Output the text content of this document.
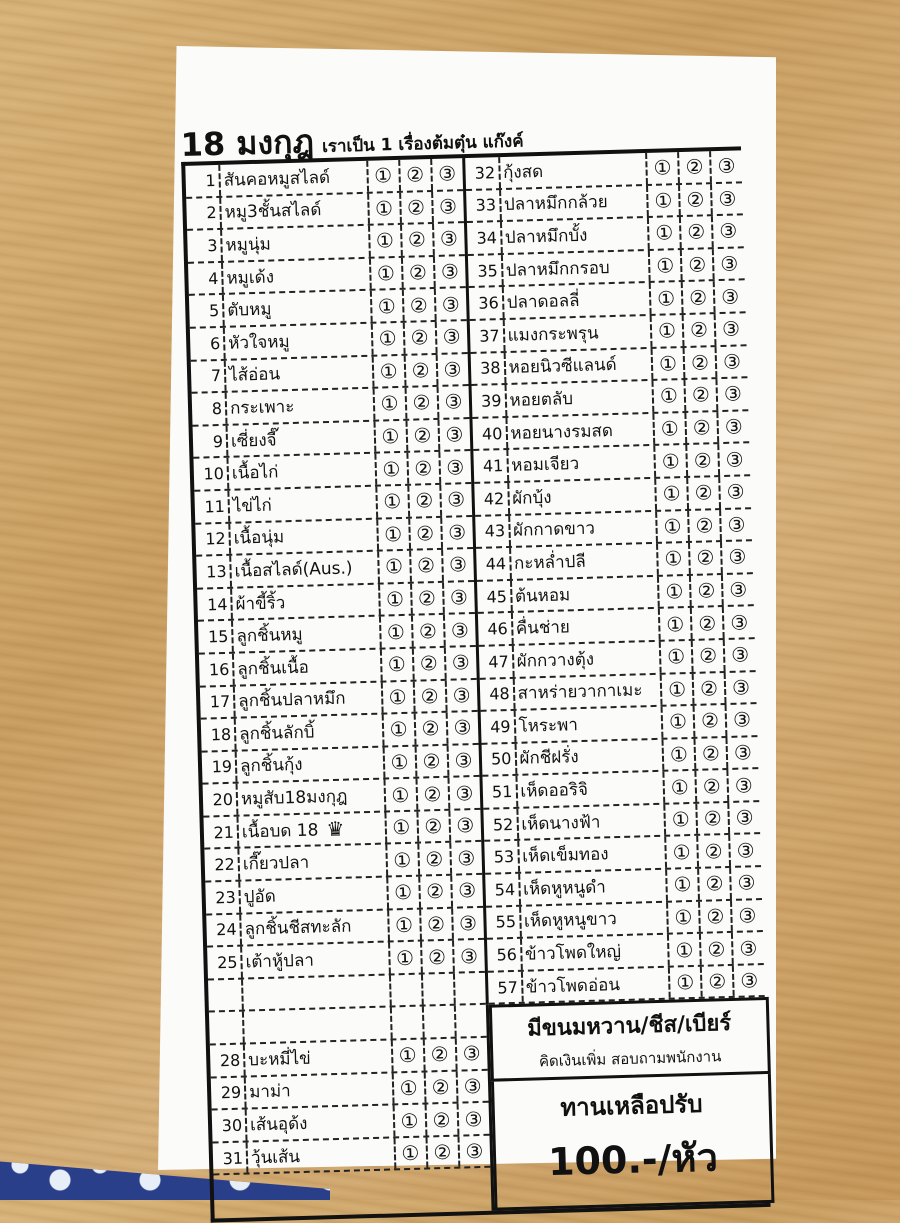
18 มงกุฎ เราเป็น 1 เรื่องต้มตุ๋น แก๊งค์
1 สันคอหมูสไลด์	① ② ③
2 หมู3ชั้นสไลด์	① ② ③
3 หมูนุ่ม	① ② ③
4 หมูเด้ง	① ② ③
5 ตับหมู	① ② ③
6 หัวใจหมู	① ② ③
7 ไส้อ่อน	① ② ③
8 กระเพาะ	① ② ③
9 เซี่ยงจี๊	① ② ③
10 เนื้อไก่	① ② ③
11 ไข่ไก่	① ② ③
12 เนื้อนุ่ม	① ② ③
13 เนื้อสไลด์(Aus.)	① ② ③
14 ผ้าขี้ริ้ว	① ② ③
15 ลูกชิ้นหมู	① ② ③
16 ลูกชิ้นเนื้อ	① ② ③
17 ลูกชิ้นปลาหมึก	① ② ③
18 ลูกชิ้นลักบิ้	① ② ③
19 ลูกชิ้นกุ้ง	① ② ③
20 หมูสับ18มงกุฎ	① ② ③
21 เนื้อบด 18 ♛	① ② ③
22 เกี๊ยวปลา	① ② ③
23 ปูอัด	① ② ③
24 ลูกชิ้นชีสทะลัก	① ② ③
25 เต้าหู้ปลา	① ② ③
32 กุ้งสด	① ② ③
33 ปลาหมึกกล้วย	① ② ③
34 ปลาหมึกบั้ง	① ② ③
35 ปลาหมึกกรอบ	① ② ③
36 ปลาดอลลี่	① ② ③
37 แมงกระพรุน	① ② ③
38 หอยนิวซีแลนด์	① ② ③
39 หอยตลับ	① ② ③
40 หอยนางรมสด	① ② ③
41 หอมเจียว	① ② ③
42 ผักบุ้ง	① ② ③
43 ผักกาดขาว	① ② ③
44 กะหล่ำปลี	① ② ③
45 ต้นหอม	① ② ③
46 คื่นช่าย	① ② ③
47 ผักกวางตุ้ง	① ② ③
48 สาหร่ายวากาเมะ	① ② ③
49 โหระพา	① ② ③
50 ผักชีฝรั่ง	① ② ③
51 เห็ดออริจิ	① ② ③
52 เห็ดนางฟ้า	① ② ③
53 เห็ดเข็มทอง	① ② ③
54 เห็ดหูหนูดำ	① ② ③
55 เห็ดหูหนูขาว	① ② ③
56 ข้าวโพดใหญ่	① ② ③
57 ข้าวโพดอ่อน	① ② ③
28 บะหมี่ไข่	① ② ③
29 มาม่า	① ② ③
30 เส้นอุด้ง	① ② ③
31 วุ้นเส้น	① ② ③
มีขนมหวาน/ชีส/เบียร์
คิดเงินเพิ่ม สอบถามพนักงาน
ทานเหลือปรับ
100.-/หัว
